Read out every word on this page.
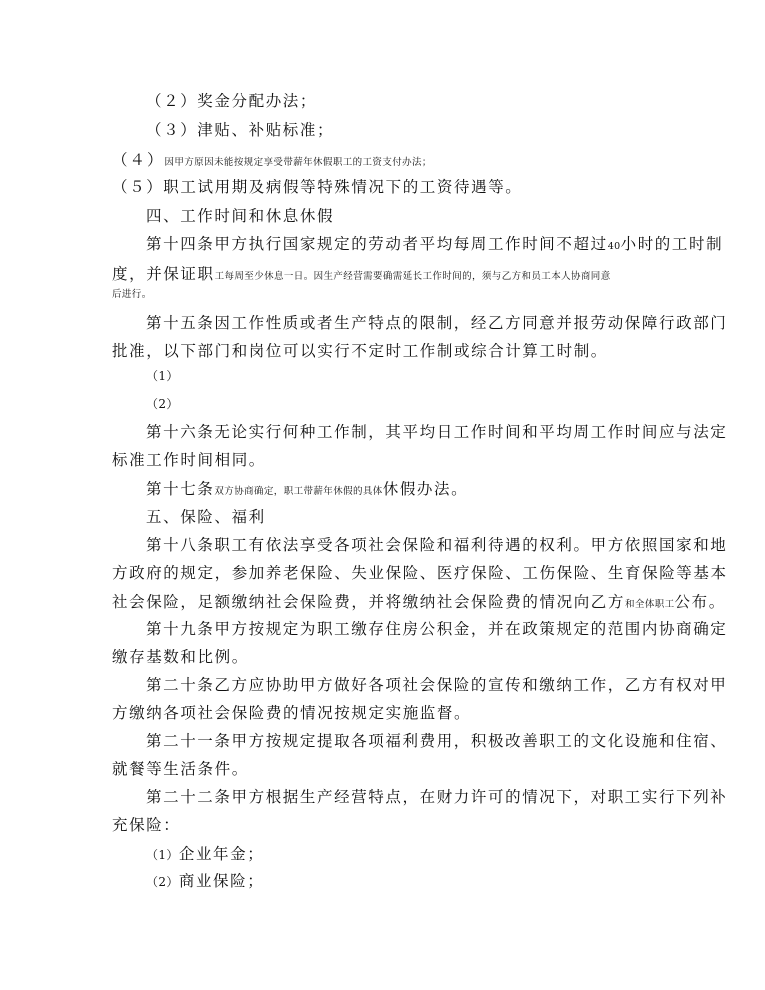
（２）奖金分配办法；
（３）津贴、补贴标准；
（４）因甲方原因未能按规定享受带薪年休假职工的工资支付办法；
（５）职工试用期及病假等特殊情况下的工资待遇等。
四、工作时间和休息休假
第十四条甲方执行国家规定的劳动者平均每周工作时间不超过40小时的工时制
度，并保证职工每周至少休息一日。因生产经营需要确需延长工作时间的，须与乙方和员工本人协商同意
后进行。
第十五条因工作性质或者生产特点的限制，经乙方同意并报劳动保障行政部门
批准，以下部门和岗位可以实行不定时工作制或综合计算工时制。
（1）
（2）
第十六条无论实行何种工作制，其平均日工作时间和平均周工作时间应与法定
标准工作时间相同。
第十七条双方协商确定，职工带薪年休假的具体休假办法。
五、保险、福利
第十八条职工有依法享受各项社会保险和福利待遇的权利。甲方依照国家和地
方政府的规定，参加养老保险、失业保险、医疗保险、工伤保险、生育保险等基本
社会保险，足额缴纳社会保险费，并将缴纳社会保险费的情况向乙方和全体职工公布。
第十九条甲方按规定为职工缴存住房公积金，并在政策规定的范围内协商确定
缴存基数和比例。
第二十条乙方应协助甲方做好各项社会保险的宣传和缴纳工作，乙方有权对甲
方缴纳各项社会保险费的情况按规定实施监督。
第二十一条甲方按规定提取各项福利费用，积极改善职工的文化设施和住宿、
就餐等生活条件。
第二十二条甲方根据生产经营特点，在财力许可的情况下，对职工实行下列补
充保险：
（1）企业年金；
（2）商业保险；
